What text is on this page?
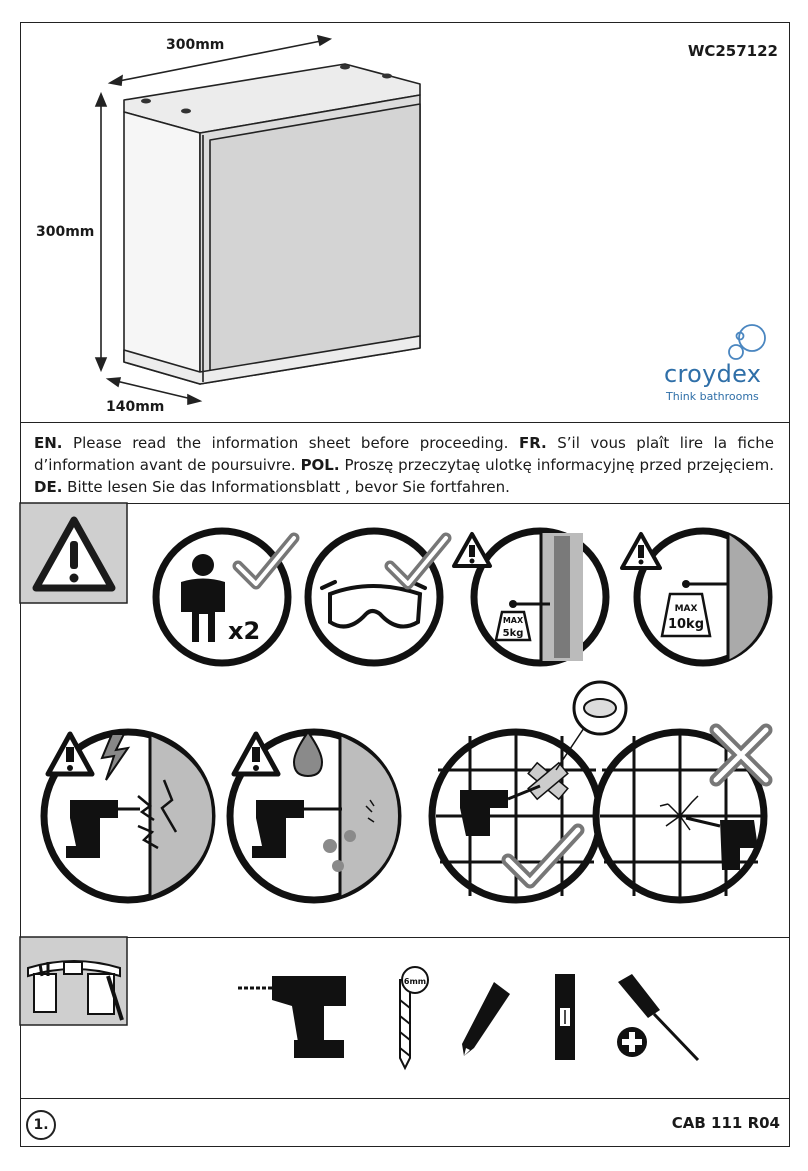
WC257122
300mm
300mm
140mm
croydex
Think bathrooms
EN. Please read the information sheet before proceeding. FR. S’il vous plaît lire la fiche d’information avant de poursuivre. POL. Proszę przeczytaę ulotkę informacyjnę przed przejęciem. DE. Bitte lesen Sie das Informationsblatt , bevor Sie fortfahren.
x2	MAX
5kg
MAX
10kg
6mm
1.	CAB 111 R04
